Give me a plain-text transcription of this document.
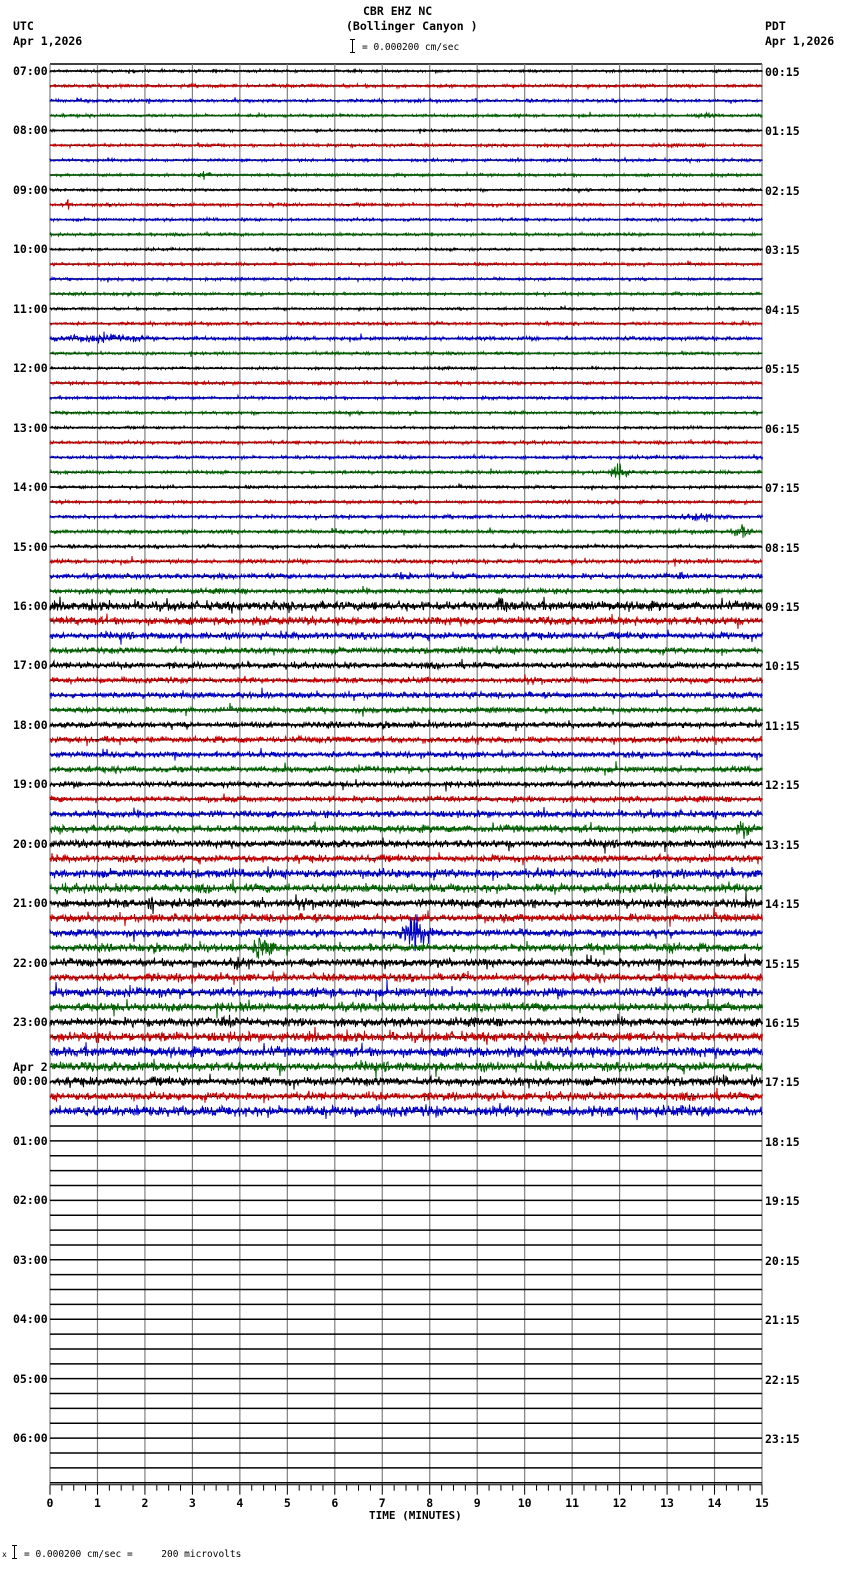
CBR EHZ NC
(Bollinger Canyon )
UTC
Apr 1,2026
PDT
Apr 1,2026
= 0.000200 cm/sec
07:00
08:00
09:00
10:00
11:00
12:00
13:00
14:00
15:00
16:00
17:00
18:00
19:00
20:00
21:00
22:00
23:00
Apr 2
00:00
01:00
02:00
03:00
04:00
05:00
06:00
00:15
01:15
02:15
03:15
04:15
05:15
06:15
07:15
08:15
09:15
10:15
11:15
12:15
13:15
14:15
15:15
16:15
17:15
18:15
19:15
20:15
21:15
22:15
23:15
0	1	2	3	4	5	6	7	8	9	10	11	12	13	14	15
TIME (MINUTES)
x = 0.000200 cm/sec =     200 microvolts
